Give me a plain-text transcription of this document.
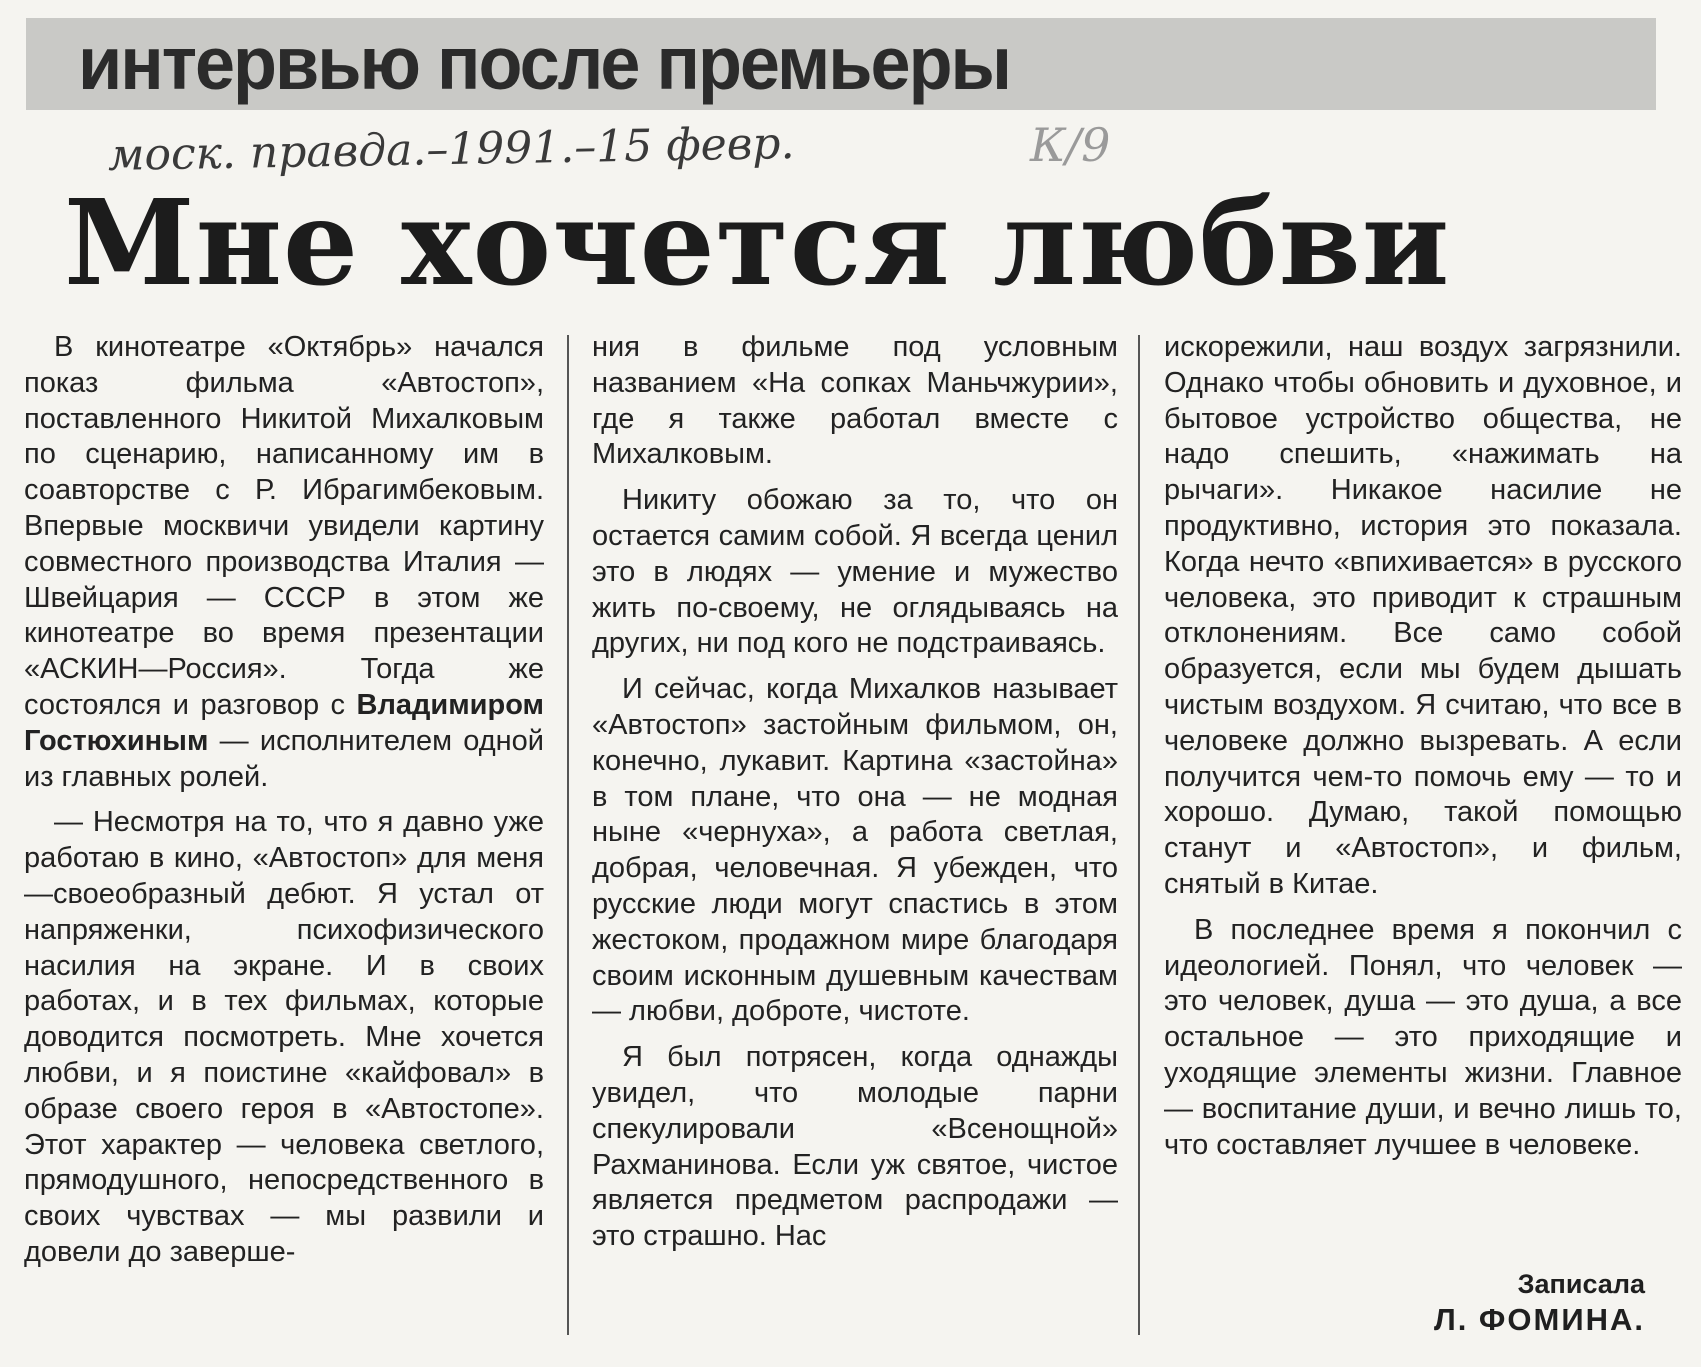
интервью после премьеры
моск. правда.–1991.–15 февр.	К/9
Мне хочется любви

В кинотеатре «Октябрь» начался показ фильма «Автостоп», поставленного Никитой Михалковым по сценарию, написанному им в соавторстве с Р. Ибрагимбековым. Впервые москвичи увидели картину совместного производства Италия — Швейцария — СССР в этом же кинотеатре во время презентации «АСКИН—Россия». Тогда же состоялся и разговор с Владимиром Гостюхиным — исполнителем одной из главных ролей.

— Несмотря на то, что я давно уже работаю в кино, «Автостоп» для меня—своеобразный дебют. Я устал от напряженки, психофизического насилия на экране. И в своих работах, и в тех фильмах, которые доводится посмотреть. Мне хочется любви, и я поистине «кайфовал» в образе своего героя в «Автостопе». Этот характер — человека светлого, прямодушного, непосредственного в своих чувствах — мы развили и довели до заверше-

ния в фильме под условным названием «На сопках Маньчжурии», где я также работал вместе с Михалковым.

Никиту обожаю за то, что он остается самим собой. Я всегда ценил это в людях — умение и мужество жить по-своему, не оглядываясь на других, ни под кого не подстраиваясь.

И сейчас, когда Михалков называет «Автостоп» застойным фильмом, он, конечно, лукавит. Картина «застойна» в том плане, что она — не модная ныне «чернуха», а работа светлая, добрая, человечная. Я убежден, что русские люди могут спастись в этом жестоком, продажном мире благодаря своим исконным душевным качествам — любви, доброте, чистоте.

Я был потрясен, когда однажды увидел, что молодые парни спекулировали «Всенощной» Рахманинова. Если уж святое, чистое является предметом распродажи — это страшно. Нас

искорежили, наш воздух загрязнили. Однако чтобы обновить и духовное, и бытовое устройство общества, не надо спешить, «нажимать на рычаги». Никакое насилие не продуктивно, история это показала. Когда нечто «впихивается» в русского человека, это приводит к страшным отклонениям. Все само собой образуется, если мы будем дышать чистым воздухом. Я считаю, что все в человеке должно вызревать. А если получится чем-то помочь ему — то и хорошо. Думаю, такой помощью станут и «Автостоп», и фильм, снятый в Китае.

В последнее время я покончил с идеологией. Понял, что человек — это человек, душа — это душа, а все остальное — это приходящие и уходящие элементы жизни. Главное — воспитание души, и вечно лишь то, что составляет лучшее в человеке.

Записала
Л. ФОМИНА.
